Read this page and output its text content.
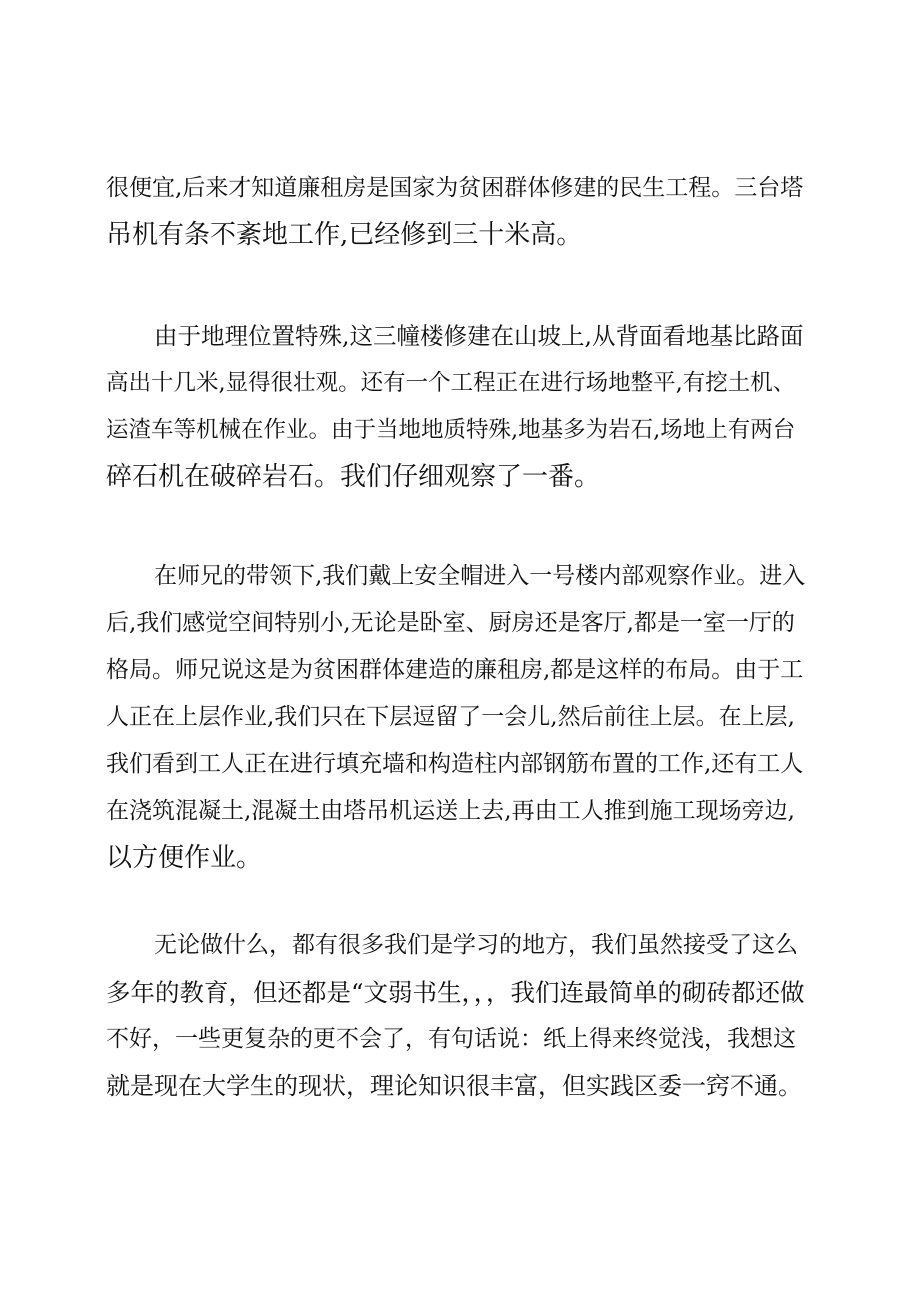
很便宜,后来才知道廉租房是国家为贫困群体修建的民生工程。三台塔
吊机有条不紊地工作,已经修到三十米高。

由于地理位置特殊,这三幢楼修建在山坡上,从背面看地基比路面
高出十几米,显得很壮观。还有一个工程正在进行场地整平,有挖土机、
运渣车等机械在作业。由于当地地质特殊,地基多为岩石,场地上有两台
碎石机在破碎岩石。我们仔细观察了一番。

在师兄的带领下,我们戴上安全帽进入一号楼内部观察作业。进入
后,我们感觉空间特别小,无论是卧室、厨房还是客厅,都是一室一厅的
格局。师兄说这是为贫困群体建造的廉租房,都是这样的布局。由于工
人正在上层作业,我们只在下层逗留了一会儿,然后前往上层。在上层,
我们看到工人正在进行填充墙和构造柱内部钢筋布置的工作,还有工人
在浇筑混凝土,混凝土由塔吊机运送上去,再由工人推到施工现场旁边,
以方便作业。

无论做什么，都有很多我们是学习的地方，我们虽然接受了这么
多年的教育，但还都是“文弱书生，，，我们连最简单的砌砖都还做
不好，一些更复杂的更不会了，有句话说：纸上得来终觉浅，我想这
就是现在大学生的现状，理论知识很丰富，但实践区委一窍不通。
